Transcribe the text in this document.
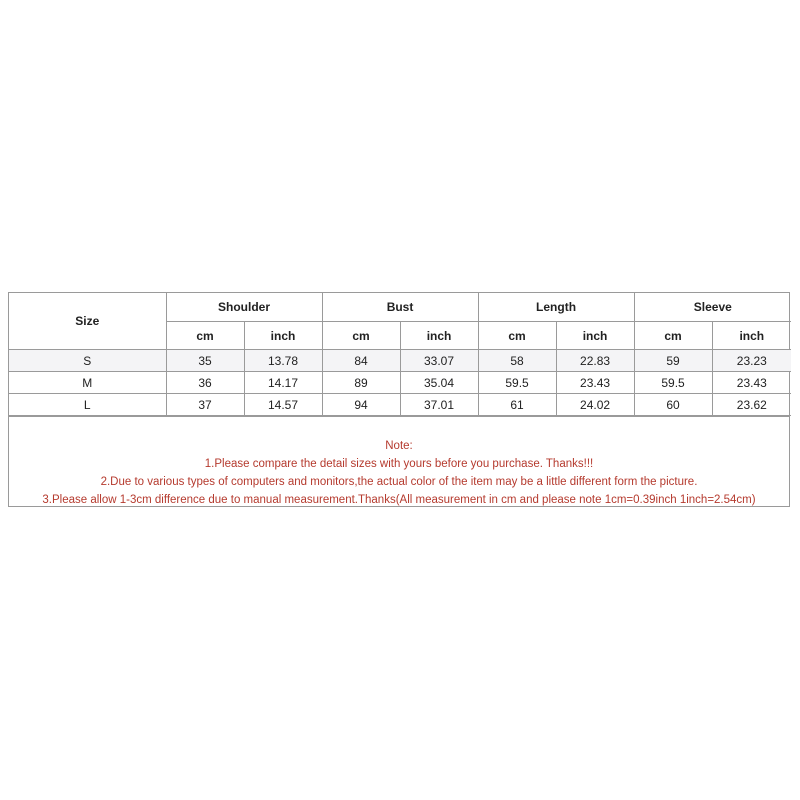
Size	Shoulder		Bust		Length		Sleeve	
	cm	inch	cm	inch	cm	inch	cm	inch
S	35	13.78	84	33.07	58	22.83	59	23.23
M	36	14.17	89	35.04	59.5	23.43	59.5	23.43
L	37	14.57	94	37.01	61	24.02	60	23.62
Note:
1.Please compare the detail sizes with yours before you purchase. Thanks!!!
2.Due to various types of computers and monitors,the actual color of the item may be a little different form the picture.
3.Please allow 1-3cm difference due to manual measurement.Thanks(All measurement in cm and please note 1cm=0.39inch 1inch=2.54cm)
